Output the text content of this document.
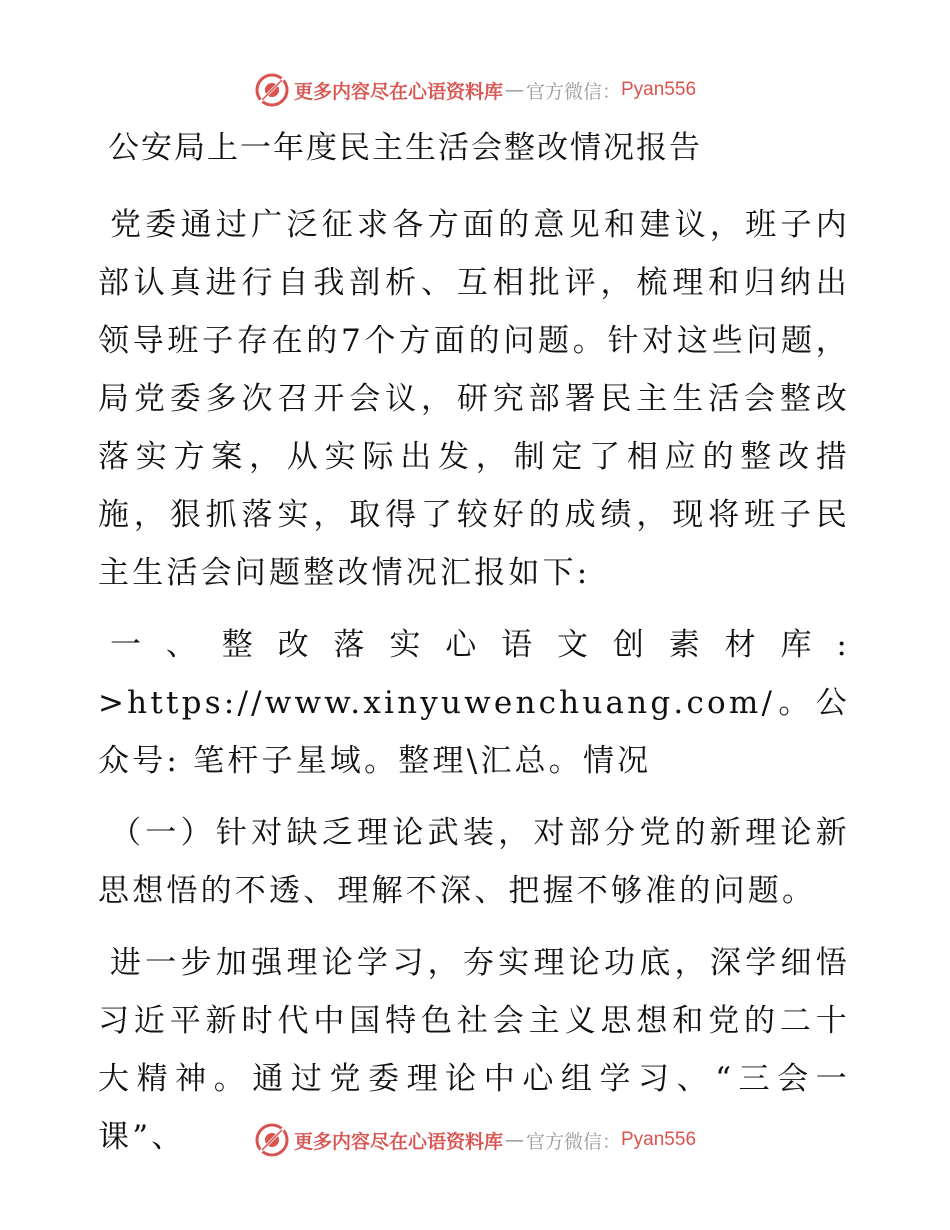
更多内容尽在心语资料库 — 官方微信： Pyan556
公安局上一年度民主生活会整改情况报告

党委通过广泛征求各方面的意见和建议，班子内部认真进行自我剖析、互相批评，梳理和归纳出领导班子存在的7个方面的问题。针对这些问题，局党委多次召开会议，研究部署民主生活会整改落实方案，从实际出发，制定了相应的整改措施，狠抓落实，取得了较好的成绩，现将班子民主生活会问题整改情况汇报如下:

一、整改落实心语文创素材库: >https://www.xinyuwenchuang.com/。公众号: 笔杆子星域。整理\汇总。情况

（一）针对缺乏理论武装，对部分党的新理论新思想悟的不透、理解不深、把握不够准的问题。

进一步加强理论学习，夯实理论功底，深学细悟习近平新时代中国特色社会主义思想和党的二十大精神。通过党委理论中心组学习、“三会一课”、	更多内容尽在心语资料库 — 官方微信： Pyan556
